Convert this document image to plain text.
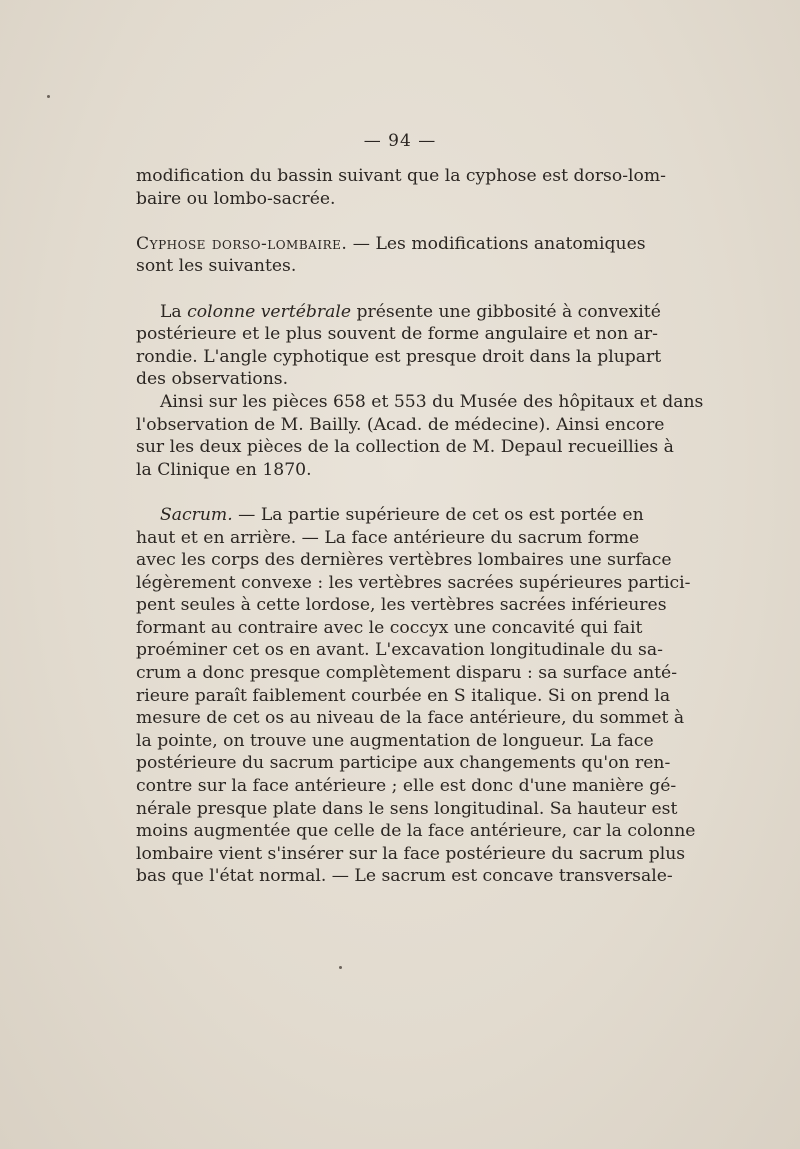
— 94 —
modification du bassin suivant que la cyphose est dorso-lom-
baire ou lombo-sacrée.
Cyphose dorso-lombaire. — Les modifications anatomiques
sont les suivantes.
La colonne vertébrale présente une gibbosité à convexité
postérieure et le plus souvent de forme angulaire et non ar-
rondie. L'angle cyphotique est presque droit dans la plupart
des observations.
Ainsi sur les pièces 658 et 553 du Musée des hôpitaux et dans
l'observation de M. Bailly. (Acad. de médecine). Ainsi encore
sur les deux pièces de la collection de M. Depaul recueillies à
la Clinique en 1870.
Sacrum. — La partie supérieure de cet os est portée en
haut et en arrière. — La face antérieure du sacrum forme
avec les corps des dernières vertèbres lombaires une surface
légèrement convexe : les vertèbres sacrées supérieures partici-
pent seules à cette lordose, les vertèbres sacrées inférieures
formant au contraire avec le coccyx une concavité qui fait
proéminer cet os en avant. L'excavation longitudinale du sa-
crum a donc presque complètement disparu : sa surface anté-
rieure paraît faiblement courbée en S italique. Si on prend la
mesure de cet os au niveau de la face antérieure, du sommet à
la pointe, on trouve une augmentation de longueur. La face
postérieure du sacrum participe aux changements qu'on ren-
contre sur la face antérieure ; elle est donc d'une manière gé-
nérale presque plate dans le sens longitudinal. Sa hauteur est
moins augmentée que celle de la face antérieure, car la colonne
lombaire vient s'insérer sur la face postérieure du sacrum plus
bas que l'état normal. — Le sacrum est concave transversale-
